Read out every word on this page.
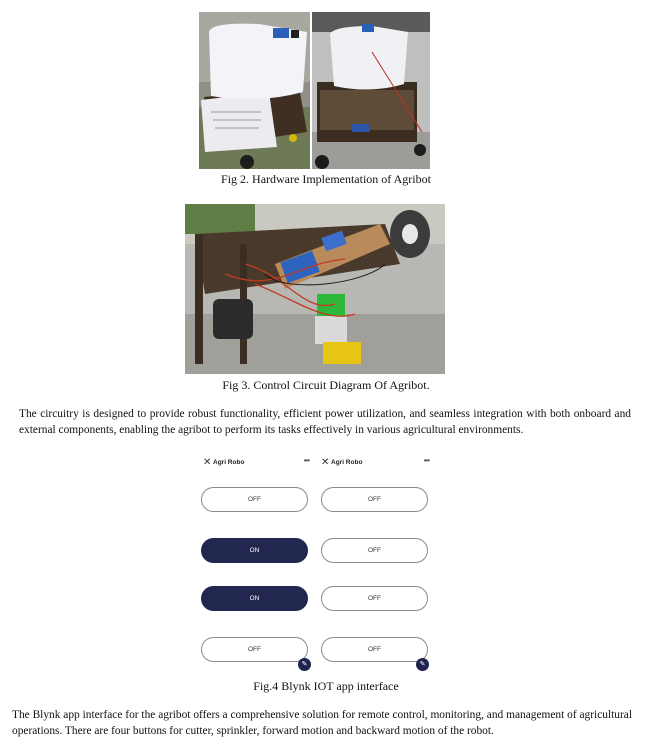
Fig 2. Hardware Implementation of Agribot
Fig 3. Control Circuit Diagram Of Agribot.
The circuitry is designed to provide robust functionality, efficient power utilization, and seamless integration with both onboard and external components, enabling the agribot to perform its tasks effectively in various agricultural environments.
✕ Agri Robo	•••
OFF
ON
ON
OFF
✎
✕ Agri Robo	•••
OFF
OFF
OFF
OFF
✎
Fig.4 Blynk IOT app interface
The Blynk app interface for the agribot offers a comprehensive solution for remote control, monitoring, and management of agricultural operations. There are four buttons for cutter, sprinkler, forward motion and backward motion of the robot.
